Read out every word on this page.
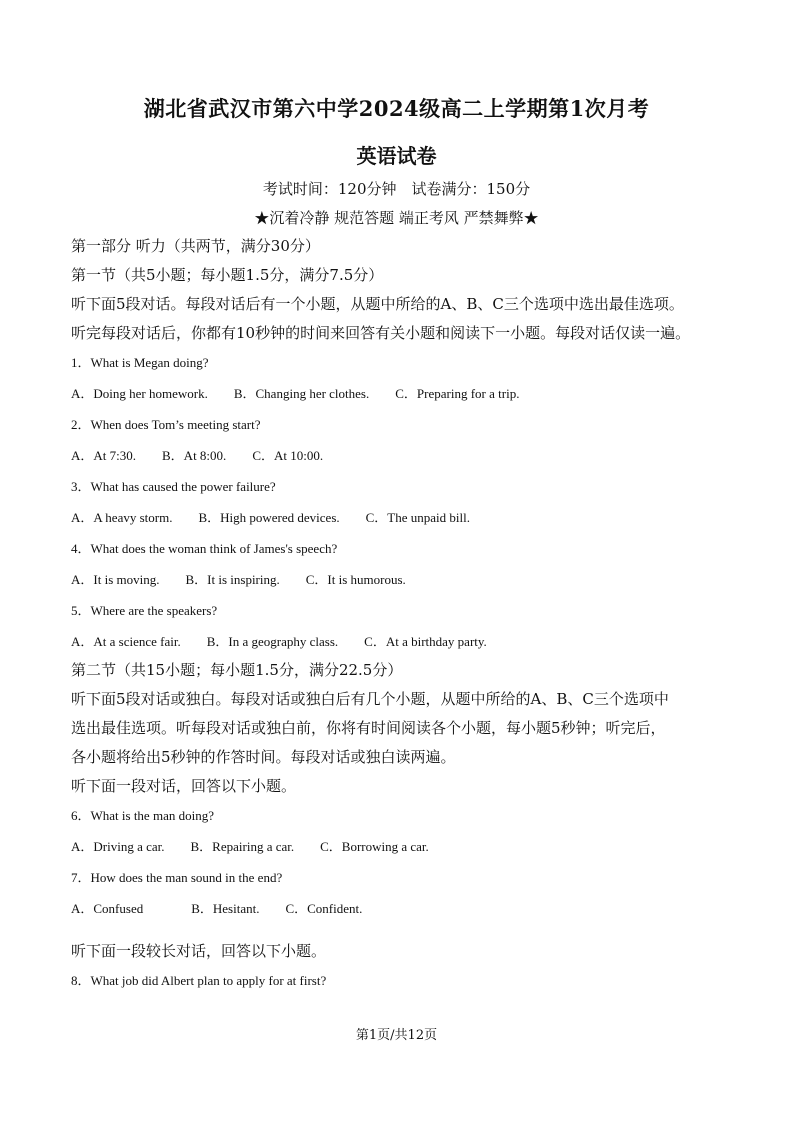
湖北省武汉市第六中学2024级高二上学期第1次月考
英语试卷
考试时间：120分钟　试卷满分：150分
★沉着冷静 规范答题 端正考风 严禁舞弊★
第一部分 听力（共两节，满分30分）
第一节（共5小题；每小题1.5分，满分7.5分）
听下面5段对话。每段对话后有一个小题，从题中所给的A、B、C三个选项中选出最佳选项。
听完每段对话后，你都有10秒钟的时间来回答有关小题和阅读下一小题。每段对话仅读一遍。
1．What is Megan doing?
A．Doing her homework. B．Changing her clothes. C．Preparing for a trip.
2．When does Tom’s meeting start?
A．At 7:30. B．At 8:00. C．At 10:00.
3．What has caused the power failure?
A．A heavy storm. B．High powered devices. C．The unpaid bill.
4．What does the woman think of James's speech?
A．It is moving. B．It is inspiring. C．It is humorous.
5．Where are the speakers?
A．At a science fair. B．In a geography class. C．At a birthday party.
第二节（共15小题；每小题1.5分，满分22.5分）
听下面5段对话或独白。每段对话或独白后有几个小题，从题中所给的A、B、C三个选项中
选出最佳选项。听每段对话或独白前，你将有时间阅读各个小题，每小题5秒钟；听完后，
各小题将给出5秒钟的作答时间。每段对话或独白读两遍。
听下面一段对话，回答以下小题。
6．What is the man doing?
A．Driving a car. B．Repairing a car. C．Borrowing a car.
7．How does the man sound in the end?
A．Confused	B．Hesitant. C．Confident.
听下面一段较长对话，回答以下小题。
8．What job did Albert plan to apply for at first?
第1页/共12页
